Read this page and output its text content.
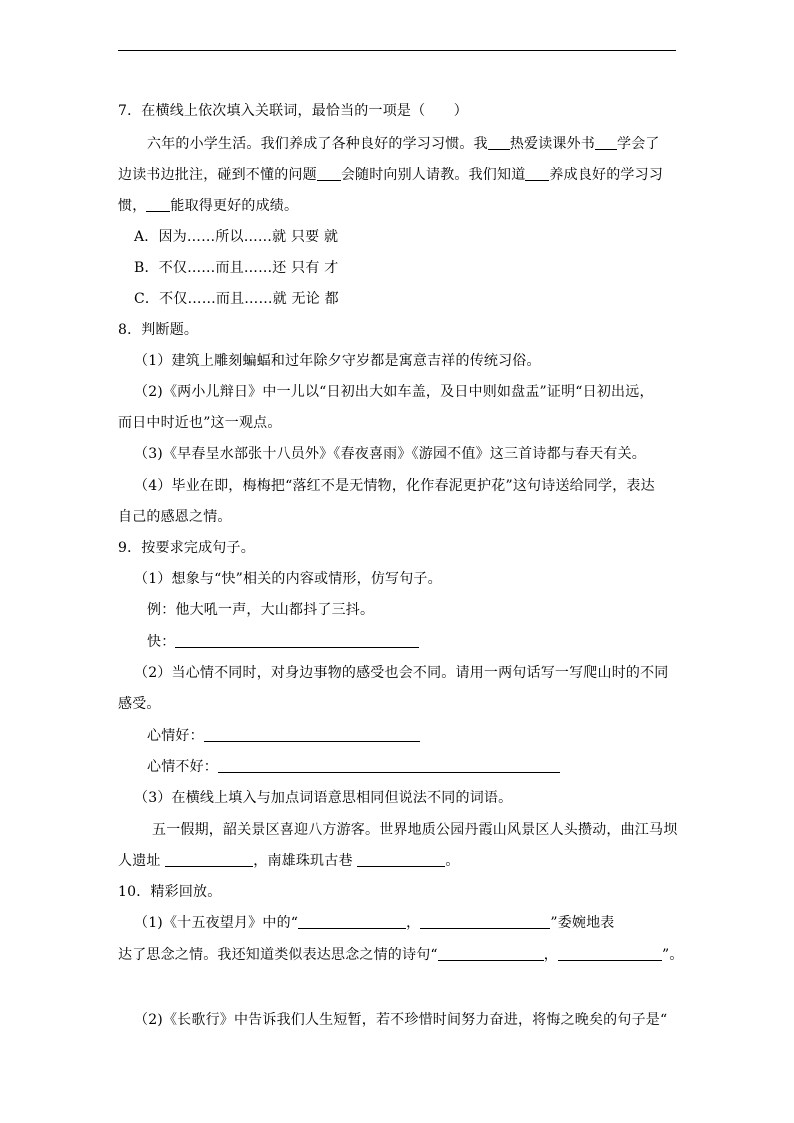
7．在横线上依次填入关联词，最恰当的一项是（　　）
六年的小学生活。我们养成了各种良好的学习习惯。我 热爱读课外书 学会了
边读书边批注，碰到不懂的问题 会随时向别人请教。我们知道 养成良好的学习习
惯， 能取得更好的成绩。
A．因为……所以……就 只要 就
B．不仅……而且……还 只有 才
C．不仅……而且……就 无论 都
8．判断题。
（1）建筑上雕刻蝙蝠和过年除夕守岁都是寓意吉祥的传统习俗。
（2)《两小儿辩日》中一儿以“日初出大如车盖，及日中则如盘盂”证明“日初出远，
而日中时近也”这一观点。
（3)《早春呈水部张十八员外》《春夜喜雨》《游园不值》这三首诗都与春天有关。
（4）毕业在即，梅梅把“落红不是无情物，化作春泥更护花”这句诗送给同学，表达
自己的感恩之情。
9．按要求完成句子。
（1）想象与“快”相关的内容或情形，仿写句子。
例：他大吼一声，大山都抖了三抖。
快：
（2）当心情不同时，对身边事物的感受也会不同。请用一两句话写一写爬山时的不同
感受。
心情好：
心情不好：
（3）在横线上填入与加点词语意思相同但说法不同的词语。
五一假期，韶关景区喜迎八方游客。世界地质公园丹霞山风景区人头攒动，曲江马坝
人遗址	，南雄珠玑古巷	。
10．精彩回放。
（1)《十五夜望月》中的“	，	”委婉地表
达了思念之情。我还知道类似表达思念之情的诗句“	，	”。
（2)《长歌行》中告诉我们人生短暂，若不珍惜时间努力奋进，将悔之晚矣的句子是“
